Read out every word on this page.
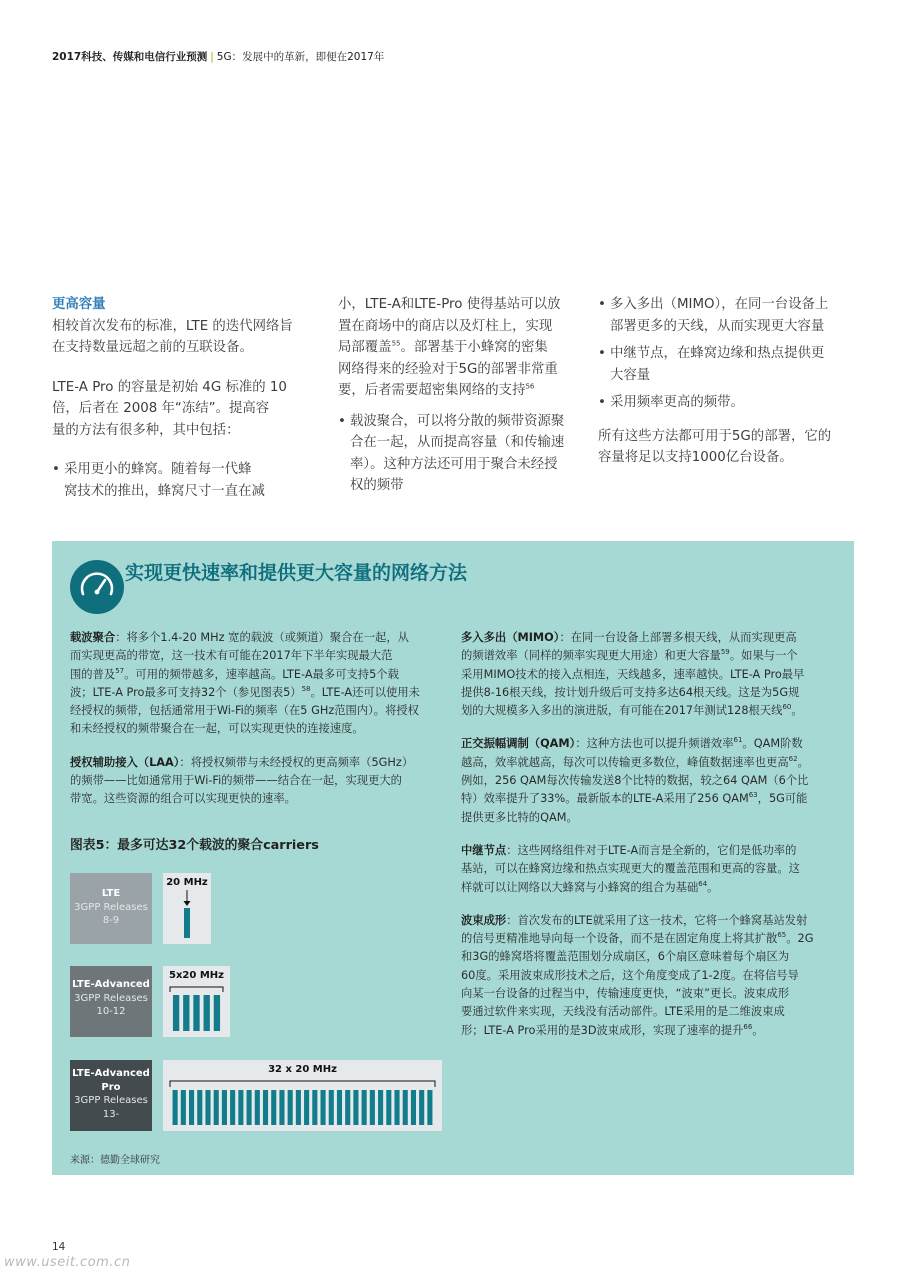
2017科技、传媒和电信行业预测 | 5G：发展中的革新，即便在2017年

更高容量

相较首次发布的标准，LTE 的迭代网络旨在支持数量远超之前的互联设备。

LTE-A Pro 的容量是初始 4G 标准的 10
倍，后者在 2008 年“冻结”。提高容
量的方法有很多种，其中包括：

• 采用更小的蜂窝。随着每一代蜂
窝技术的推出，蜂窝尺寸一直在减

小，LTE-A和LTE-Pro 使得基站可以放
置在商场中的商店以及灯柱上，实现
局部覆盖$^{55}$。部署基于小蜂窝的密集
网络得来的经验对于5G的部署非常重
要，后者需要超密集网络的支持$^{56}$

• 载波聚合，可以将分散的频带资源聚
合在一起，从而提高容量（和传输速
率）。这种方法还可用于聚合未经授
权的频带

• 多入多出（MIMO），在同一台设备上
部署更多的天线，从而实现更大容量

• 中继节点，在蜂窝边缘和热点提供更
大容量

• 采用频率更高的频带。

所有这些方法都可用于5G的部署，它的
容量将足以支持1000亿台设备。

实现更快速率和提供更大容量的网络方法

载波聚合：将多个1.4-20 MHz 宽的载波（或频道）聚合在一起，从
而实现更高的带宽，这一技术有可能在2017年下半年实现最大范
围的普及$^{57}$。可用的频带越多，速率越高。LTE-A最多可支持5个载
波；LTE-A Pro最多可支持32个（参见图表5）$^{58}$。LTE-A还可以使用未
经授权的频带，包括通常用于Wi-Fi的频率（在5 GHz范围内）。将授权
和未经授权的频带聚合在一起，可以实现更快的连接速度。

授权辅助接入（LAA）：将授权频带与未经授权的更高频率（5GHz）
的频带——比如通常用于Wi-Fi的频带——结合在一起，实现更大的
带宽。这些资源的组合可以实现更快的速率。

多入多出（MIMO）：在同一台设备上部署多根天线，从而实现更高
的频谱效率（同样的频率实现更大用途）和更大容量$^{59}$。如果与一个
采用MIMO技术的接入点相连，天线越多，速率越快。LTE-A Pro最早
提供8-16根天线，按计划升级后可支持多达64根天线。这是为5G规
划的大规模多入多出的演进版，有可能在2017年测试128根天线$^{60}$。

正交振幅调制（QAM）：这种方法也可以提升频谱效率$^{61}$。QAM阶数
越高，效率就越高，每次可以传输更多数位，峰值数据速率也更高$^{62}$。
例如，256 QAM每次传输发送8个比特的数据，较之64 QAM（6个比
特）效率提升了33%。最新版本的LTE-A采用了256 QAM$^{63}$，5G可能
提供更多比特的QAM。

中继节点：这些网络组件对于LTE-A而言是全新的，它们是低功率的
基站，可以在蜂窝边缘和热点实现更大的覆盖范围和更高的容量。这
样就可以让网络以大蜂窝与小蜂窝的组合为基础$^{64}$。

波束成形：首次发布的LTE就采用了这一技术，它将一个蜂窝基站发射
的信号更精准地导向每一个设备，而不是在固定角度上将其扩散$^{65}$。2G
和3G的蜂窝塔将覆盖范围划分成扇区，6个扇区意味着每个扇区为
60度。采用波束成形技术之后，这个角度变成了1-2度。在将信号导
向某一台设备的过程当中，传输速度更快，“波束”更长。波束成形
要通过软件来实现，天线没有活动部件。LTE采用的是二维波束成
形；LTE-A Pro采用的是3D波束成形，实现了速率的提升$^{66}$。

图表5：最多可达32个载波的聚合carriers
LTE
3GPP Releases
8-9
LTE-Advanced
3GPP Releases
10-12
LTE-Advanced
Pro
3GPP Releases
13-
20 MHz
5x20 MHz
32 x 20 MHz
来源：德勤全球研究
14
www.useit.com.cn
